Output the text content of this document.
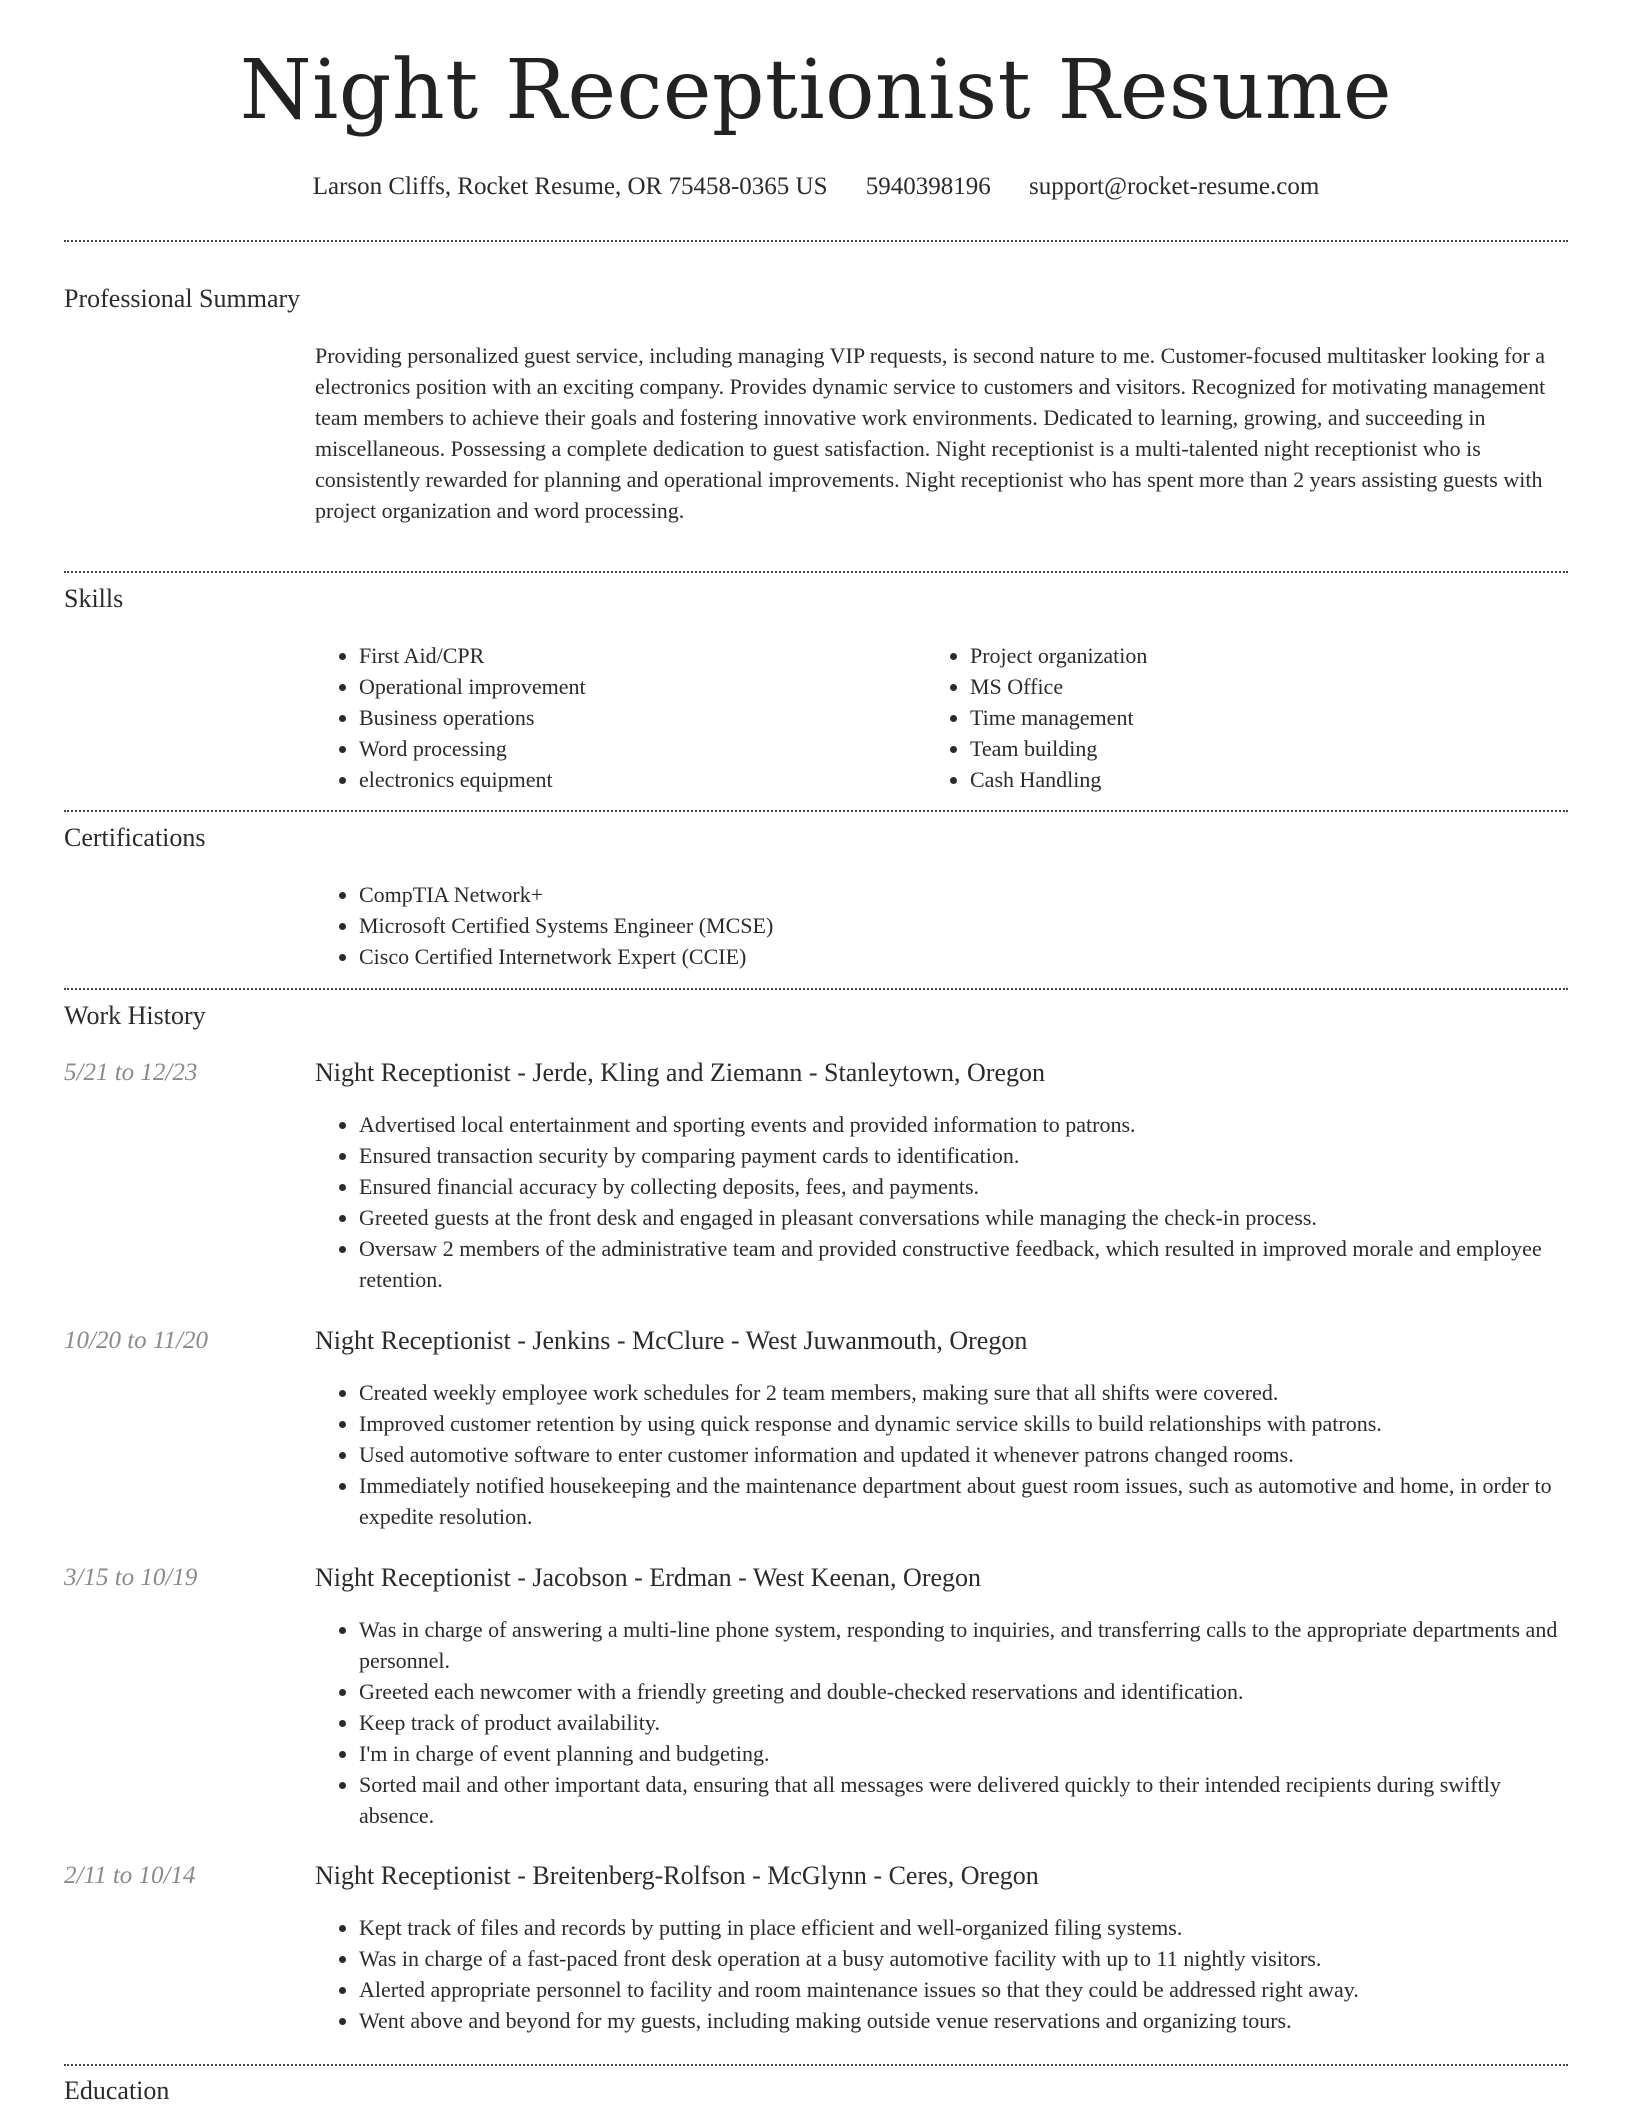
Night Receptionist Resume
Larson Cliffs, Rocket Resume, OR 75458-0365 US 5940398196 support@rocket-resume.com
Professional Summary
Providing personalized guest service, including managing VIP requests, is second nature to me. Customer-focused multitasker looking for a electronics position with an exciting company. Provides dynamic service to customers and visitors. Recognized for motivating management team members to achieve their goals and fostering innovative work environments. Dedicated to learning, growing, and succeeding in miscellaneous. Possessing a complete dedication to guest satisfaction. Night receptionist is a multi-talented night receptionist who is consistently rewarded for planning and operational improvements. Night receptionist who has spent more than 2 years assisting guests with project organization and word processing.
Skills
• First Aid/CPR
• Operational improvement
• Business operations
• Word processing
• electronics equipment
• Project organization
• MS Office
• Time management
• Team building
• Cash Handling
Certifications
• CompTIA Network+
• Microsoft Certified Systems Engineer (MCSE)
• Cisco Certified Internetwork Expert (CCIE)
Work History
5/21 to 12/23	Night Receptionist - Jerde, Kling and Ziemann - Stanleytown, Oregon
• Advertised local entertainment and sporting events and provided information to patrons.
• Ensured transaction security by comparing payment cards to identification.
• Ensured financial accuracy by collecting deposits, fees, and payments.
• Greeted guests at the front desk and engaged in pleasant conversations while managing the check-in process.
• Oversaw 2 members of the administrative team and provided constructive feedback, which resulted in improved morale and employee retention.
10/20 to 11/20	Night Receptionist - Jenkins - McClure - West Juwanmouth, Oregon
• Created weekly employee work schedules for 2 team members, making sure that all shifts were covered.
• Improved customer retention by using quick response and dynamic service skills to build relationships with patrons.
• Used automotive software to enter customer information and updated it whenever patrons changed rooms.
• Immediately notified housekeeping and the maintenance department about guest room issues, such as automotive and home, in order to expedite resolution.
3/15 to 10/19	Night Receptionist - Jacobson - Erdman - West Keenan, Oregon
• Was in charge of answering a multi-line phone system, responding to inquiries, and transferring calls to the appropriate departments and personnel.
• Greeted each newcomer with a friendly greeting and double-checked reservations and identification.
• Keep track of product availability.
• I'm in charge of event planning and budgeting.
• Sorted mail and other important data, ensuring that all messages were delivered quickly to their intended recipients during swiftly absence.
2/11 to 10/14	Night Receptionist - Breitenberg-Rolfson - McGlynn - Ceres, Oregon
• Kept track of files and records by putting in place efficient and well-organized filing systems.
• Was in charge of a fast-paced front desk operation at a busy automotive facility with up to 11 nightly visitors.
• Alerted appropriate personnel to facility and room maintenance issues so that they could be addressed right away.
• Went above and beyond for my guests, including making outside venue reservations and organizing tours.
Education
